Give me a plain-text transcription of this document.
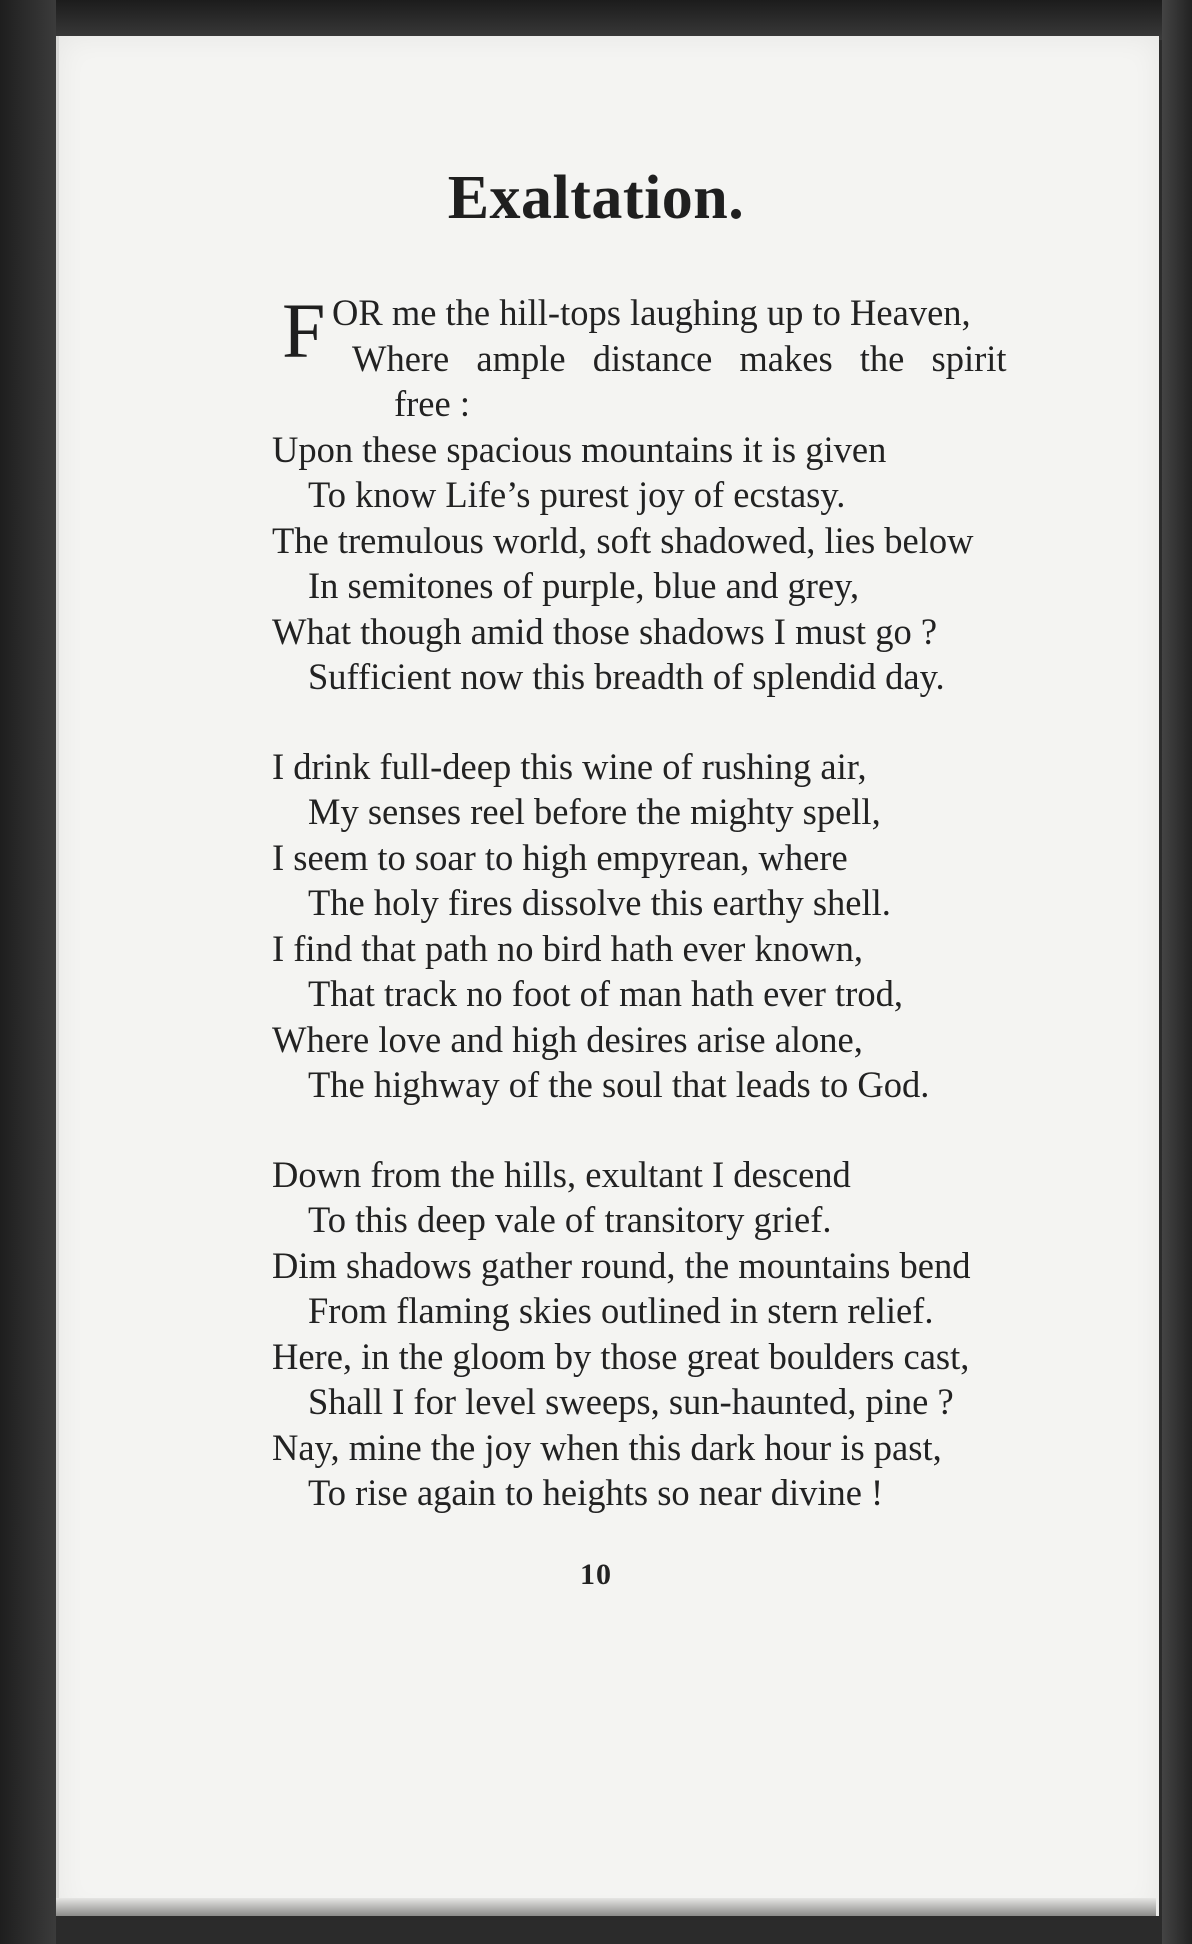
Exaltation.
F OR me the hill-tops laughing up to Heaven,
Where ample distance makes the spirit
free :
Upon these spacious mountains it is given
To know Life’s purest joy of ecstasy.
The tremulous world, soft shadowed, lies below
In semitones of purple, blue and grey,
What though amid those shadows I must go ?
Sufficient now this breadth of splendid day.
I drink full-deep this wine of rushing air,
My senses reel before the mighty spell,
I seem to soar to high empyrean, where
The holy fires dissolve this earthy shell.
I find that path no bird hath ever known,
That track no foot of man hath ever trod,
Where love and high desires arise alone,
The highway of the soul that leads to God.
Down from the hills, exultant I descend
To this deep vale of transitory grief.
Dim shadows gather round, the mountains bend
From flaming skies outlined in stern relief.
Here, in the gloom by those great boulders cast,
Shall I for level sweeps, sun-haunted, pine ?
Nay, mine the joy when this dark hour is past,
To rise again to heights so near divine !
10
